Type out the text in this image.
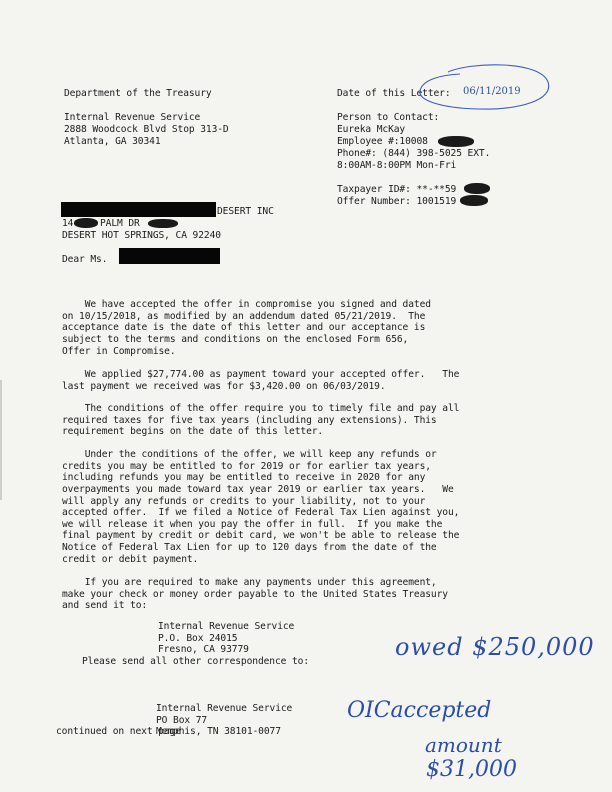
Department of the Treasury
Internal Revenue Service
2888 Woodcock Blvd Stop 313-D
Atlanta, GA 30341
Date of this Letter: 06/11/2019
Person to Contact:
Eureka McKay
Employee #:10008
Phone#: (844) 398-5025 EXT.
8:00AM-8:00PM Mon-Fri
Taxpayer ID#: **-**59
Offer Number: 1001519
DESERT INC
14	PALM DR
DESERT HOT SPRINGS, CA 92240
Dear Ms.

We have accepted the offer in compromise you signed and dated
on 10/15/2018, as modified by an addendum dated 05/21/2019.  The
acceptance date is the date of this letter and our acceptance is
subject to the terms and conditions on the enclosed Form 656,
Offer in Compromise.

We applied $27,774.00 as payment toward your accepted offer.   The
last payment we received was for $3,420.00 on 06/03/2019.

The conditions of the offer require you to timely file and pay all
required taxes for five tax years (including any extensions). This
requirement begins on the date of this letter.

Under the conditions of the offer, we will keep any refunds or
credits you may be entitled to for 2019 or for earlier tax years,
including refunds you may be entitled to receive in 2020 for any
overpayments you made toward tax year 2019 or earlier tax years.   We
will apply any refunds or credits to your liability, not to your
accepted offer.  If we filed a Notice of Federal Tax Lien against you,
we will release it when you pay the offer in full.  If you make the
final payment by credit or debit card, we won't be able to release the
Notice of Federal Tax Lien for up to 120 days from the date of the
credit or debit payment.

If you are required to make any payments under this agreement,
make your check or money order payable to the United States Treasury
and send it to:

Internal Revenue Service
P.O. Box 24015
Fresno, CA 93779

Please send all other correspondence to:

Internal Revenue Service
PO Box 77
Memphis, TN 38101-0077

continued on next page
owed $250,000
OICaccepted
amount
$31,000
